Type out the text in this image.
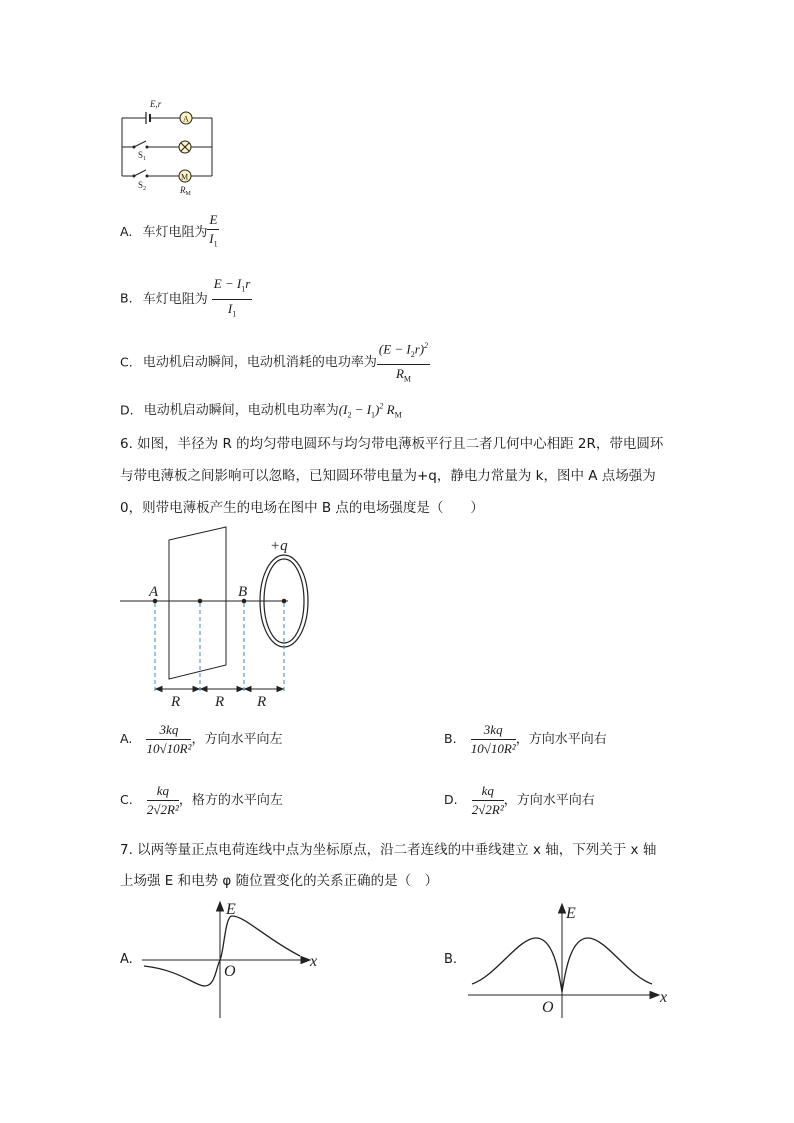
E,r
A
M
$S_1$
$S_2$	$R_M$
A. 车灯电阻为 $\frac{E}{I_1}$
B. 车灯电阻为 $\frac{E - I_1r}{I_1}$
C. 电动机启动瞬间，电动机消耗的电功率为 $\frac{(E - I_2r)^2}{R_M}$
D. 电动机启动瞬间，电动机电功率为$(I_2 - I_1)^2$ $R_M$
6. 如图，半径为 R 的均匀带电圆环与均匀带电薄板平行且二者几何中心相距 2R，带电圆环
与带电薄板之间影响可以忽略，已知圆环带电量为+q，静电力常量为 k，图中 A 点场强为
0，则带电薄板产生的电场在图中 B 点的电场强度是（　　）
A	B
+q
R R R
A. $\frac{3kq}{\text{10√10R²}}$ ，方向水平向左	B. $\frac{3kq}{\text{10√10R²}}$ ，方向水平向右
C. $\frac{kq}{\text{2√2R²}}$ ，格方的水平向左	D. $\frac{kq}{\text{2√2R²}}$ ，方向水平向右
7. 以两等量正点电荷连线中点为坐标原点，沿二者连线的中垂线建立 x 轴，下列关于 x 轴
上场强 E 和电势 φ 随位置变化的关系正确的是（　）
A.
E
x
O
B.
E
x
O
